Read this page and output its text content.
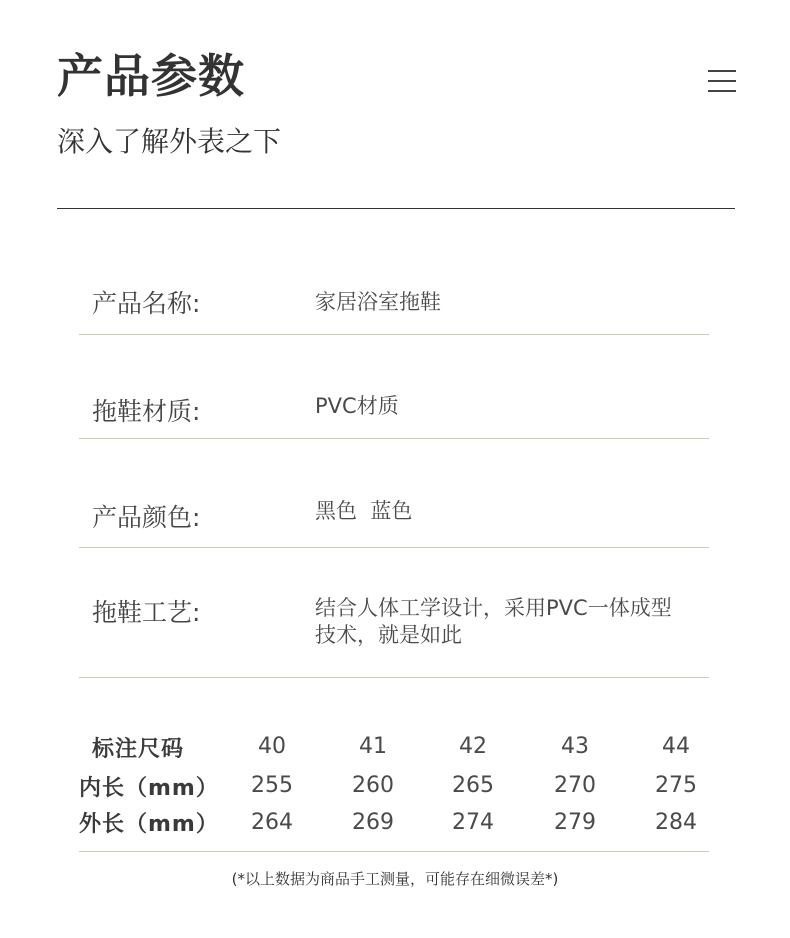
产品参数
深入了解外表之下
产品名称:	家居浴室拖鞋
拖鞋材质:	PVC材质
产品颜色:	黑色  蓝色
拖鞋工艺:	结合人体工学设计，采用PVC一体成型
技术，就是如此
标注尺码	40	41	42	43	44
内长（mm）	255	260	265	270	275
外长（mm）	264	269	274	279	284
(*以上数据为商品手工测量，可能存在细微误差*)
